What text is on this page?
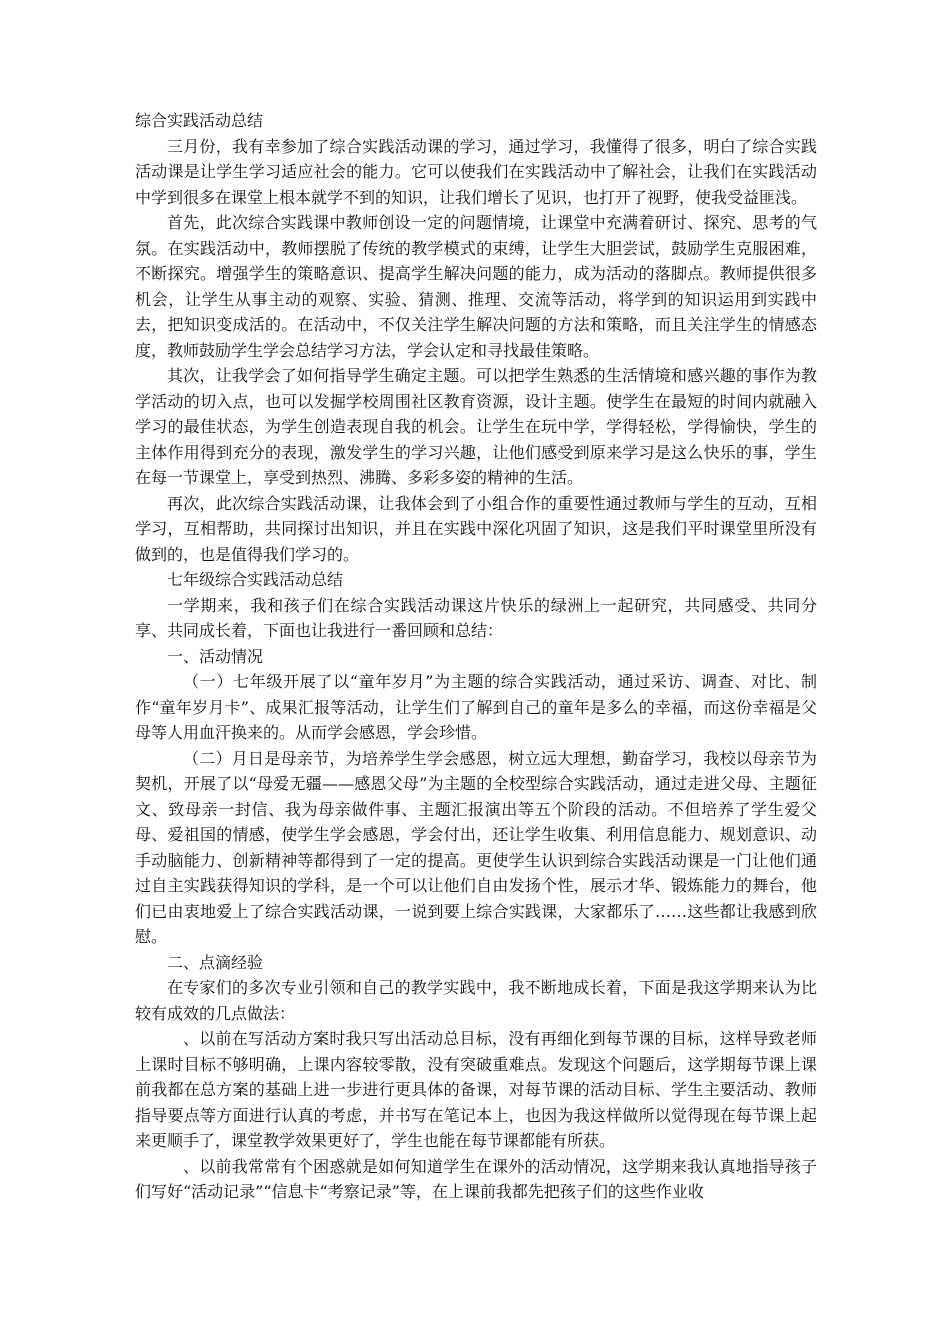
综合实践活动总结

三月份，我有幸参加了综合实践活动课的学习，通过学习，我懂得了很多，明白了综合实践活动课是让学生学习适应社会的能力。它可以使我们在实践活动中了解社会，让我们在实践活动中学到很多在课堂上根本就学不到的知识，让我们增长了见识，也打开了视野，使我受益匪浅。

首先，此次综合实践课中教师创设一定的问题情境，让课堂中充满着研讨、探究、思考的气氛。在实践活动中，教师摆脱了传统的教学模式的束缚，让学生大胆尝试，鼓励学生克服困难，不断探究。增强学生的策略意识、提高学生解决问题的能力，成为活动的落脚点。教师提供很多机会，让学生从事主动的观察、实验、猜测、推理、交流等活动，将学到的知识运用到实践中去，把知识变成活的。在活动中，不仅关注学生解决问题的方法和策略，而且关注学生的情感态度，教师鼓励学生学会总结学习方法，学会认定和寻找最佳策略。

其次，让我学会了如何指导学生确定主题。可以把学生熟悉的生活情境和感兴趣的事作为教学活动的切入点，也可以发掘学校周围社区教育资源，设计主题。使学生在最短的时间内就融入学习的最佳状态，为学生创造表现自我的机会。让学生在玩中学，学得轻松，学得愉快，学生的主体作用得到充分的表现，激发学生的学习兴趣，让他们感受到原来学习是这么快乐的事，学生在每一节课堂上，享受到热烈、沸腾、多彩多姿的精神的生活。

再次，此次综合实践活动课，让我体会到了小组合作的重要性通过教师与学生的互动，互相学习，互相帮助，共同探讨出知识，并且在实践中深化巩固了知识，这是我们平时课堂里所没有做到的，也是值得我们学习的。

七年级综合实践活动总结

一学期来，我和孩子们在综合实践活动课这片快乐的绿洲上一起研究，共同感受、共同分享、共同成长着，下面也让我进行一番回顾和总结：

一、活动情况

（一）七年级开展了以“童年岁月”为主题的综合实践活动，通过采访、调查、对比、制作“童年岁月卡”、成果汇报等活动，让学生们了解到自己的童年是多么的幸福，而这份幸福是父母等人用血汗换来的。从而学会感恩，学会珍惜。

（二）月日是母亲节，为培养学生学会感恩，树立远大理想，勤奋学习，我校以母亲节为契机，开展了以“母爱无疆——感恩父母”为主题的全校型综合实践活动，通过走进父母、主题征文、致母亲一封信、我为母亲做件事、主题汇报演出等五个阶段的活动。不但培养了学生爱父母、爱祖国的情感，使学生学会感恩，学会付出，还让学生收集、利用信息能力、规划意识、动手动脑能力、创新精神等都得到了一定的提高。更使学生认识到综合实践活动课是一门让他们通过自主实践获得知识的学科，是一个可以让他们自由发扬个性，展示才华、锻炼能力的舞台，他们已由衷地爱上了综合实践活动课，一说到要上综合实践课，大家都乐了……这些都让我感到欣慰。

二、点滴经验

在专家们的多次专业引领和自己的教学实践中，我不断地成长着，下面是我这学期来认为比较有成效的几点做法：

、以前在写活动方案时我只写出活动总目标，没有再细化到每节课的目标，这样导致老师上课时目标不够明确，上课内容较零散，没有突破重难点。发现这个问题后，这学期每节课上课前我都在总方案的基础上进一步进行更具体的备课，对每节课的活动目标、学生主要活动、教师指导要点等方面进行认真的考虑，并书写在笔记本上，也因为我这样做所以觉得现在每节课上起来更顺手了，课堂教学效果更好了，学生也能在每节课都能有所获。

、以前我常常有个困惑就是如何知道学生在课外的活动情况，这学期来我认真地指导孩子们写好“活动记录”“信息卡“考察记录”等，在上课前我都先把孩子们的这些作业收
